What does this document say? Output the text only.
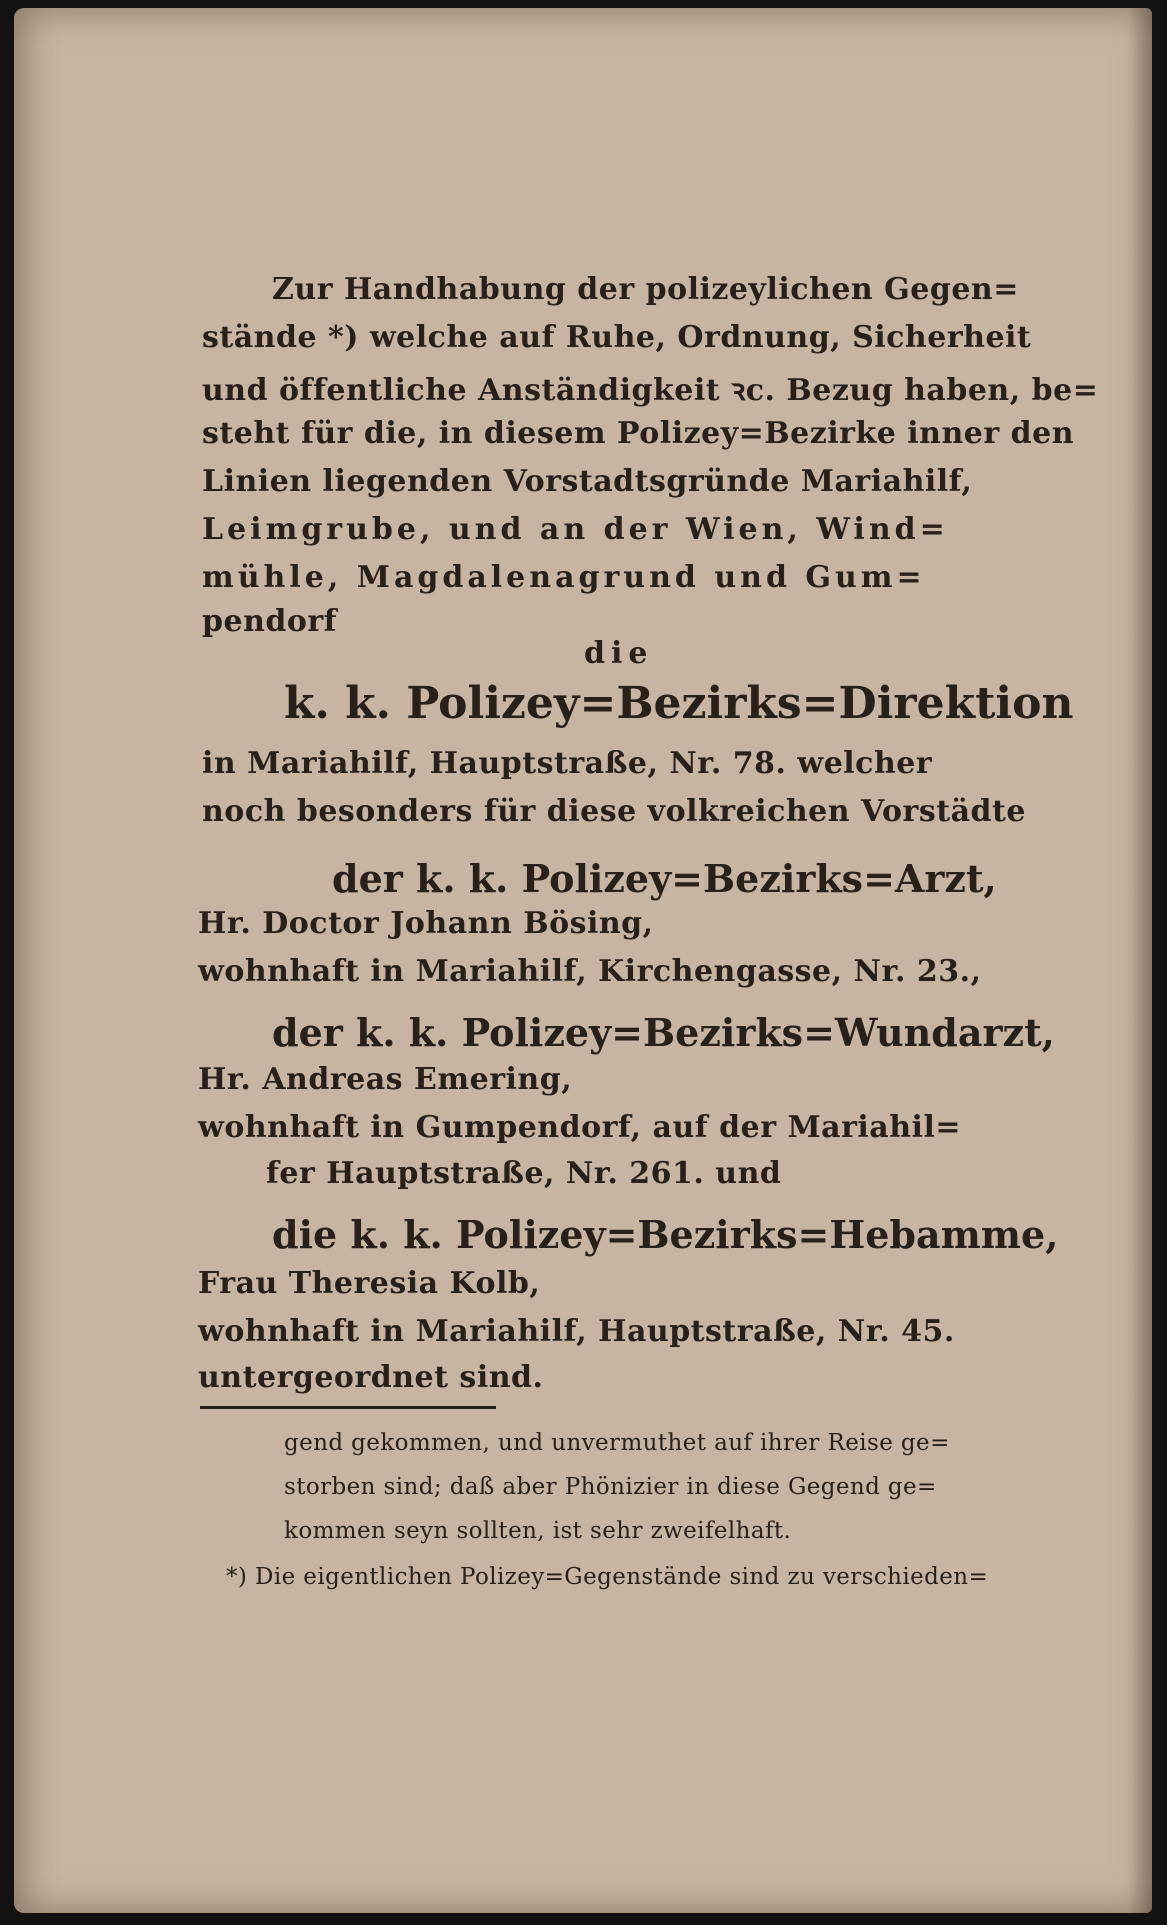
Zur Handhabung der polizeylichen Gegen=
stände *) welche auf Ruhe, Ordnung, Sicherheit
und öffentliche Anständigkeit ꝛc. Bezug haben, be=
steht für die, in diesem Polizey=Bezirke inner den
Linien liegenden Vorstadtsgründe Mariahilf,
Leimgrube, und an der Wien, Wind=
mühle, Magdalenagrund und Gum=
pendorf
die
k. k. Polizey=Bezirks=Direktion
in Mariahilf, Hauptstraße, Nr. 78. welcher
noch besonders für diese volkreichen Vorstädte
der k. k. Polizey=Bezirks=Arzt,
Hr. Doctor Johann Bösing,
wohnhaft in Mariahilf, Kirchengasse, Nr. 23.,
der k. k. Polizey=Bezirks=Wundarzt,
Hr. Andreas Emering,
wohnhaft in Gumpendorf, auf der Mariahil=
fer Hauptstraße, Nr. 261. und
die k. k. Polizey=Bezirks=Hebamme,
Frau Theresia Kolb,
wohnhaft in Mariahilf, Hauptstraße, Nr. 45.
untergeordnet sind.
gend gekommen, und unvermuthet auf ihrer Reise ge=
storben sind; daß aber Phönizier in diese Gegend ge=
kommen seyn sollten, ist sehr zweifelhaft.
*) Die eigentlichen Polizey=Gegenstände sind zu verschieden=
